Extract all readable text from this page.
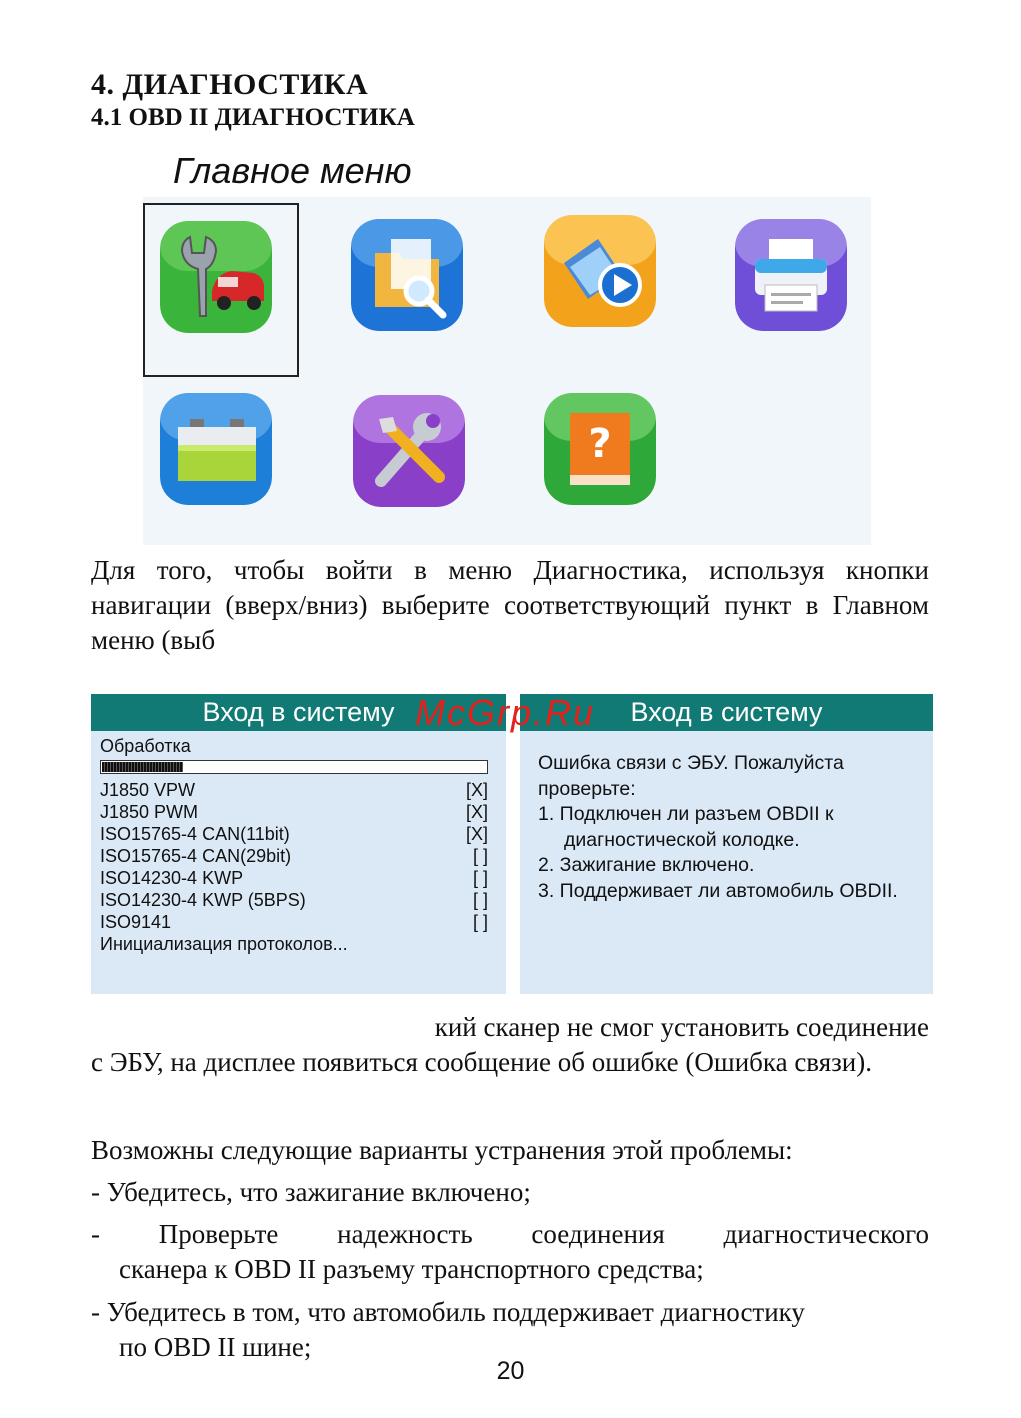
4. ДИАГНОСТИКА
4.1 OBD II ДИАГНОСТИКА
Главное меню
?
Для того, чтобы войти в меню Диагностика, используя кнопки навигации (вверх/вниз) выберите соответствующий пункт в Главном меню (выб
Вход в систему
Обработка
J1850 VPW	[X]
J1850 PWM	[X]
ISO15765-4 CAN(11bit)	[X]
ISO15765-4 CAN(29bit)	[ ]
ISO14230-4 KWP	[ ]
ISO14230-4 KWP (5BPS)	[ ]
ISO9141	[ ]
Инициализация протоколов...
Вход в систему
Ошибка связи с ЭБУ. Пожалуйста проверьте:
1. Подключен ли разъем OBDII к диагностической колодке.
2. Зажигание включено.
3. Поддерживает ли автомобиль OBDII.
McGrp.Ru
кий сканер не смог установить соединение
с ЭБУ, на дисплее появиться сообщение об ошибке (Ошибка связи).
Возможны следующие варианты устранения этой проблемы:
- Убедитесь, что зажигание включено;
- Проверьте надежность соединения диагностического
сканера к OBD II разъему транспортного средства;
- Убедитесь в том, что автомобиль поддерживает диагностику
по OBD II шине;
20
